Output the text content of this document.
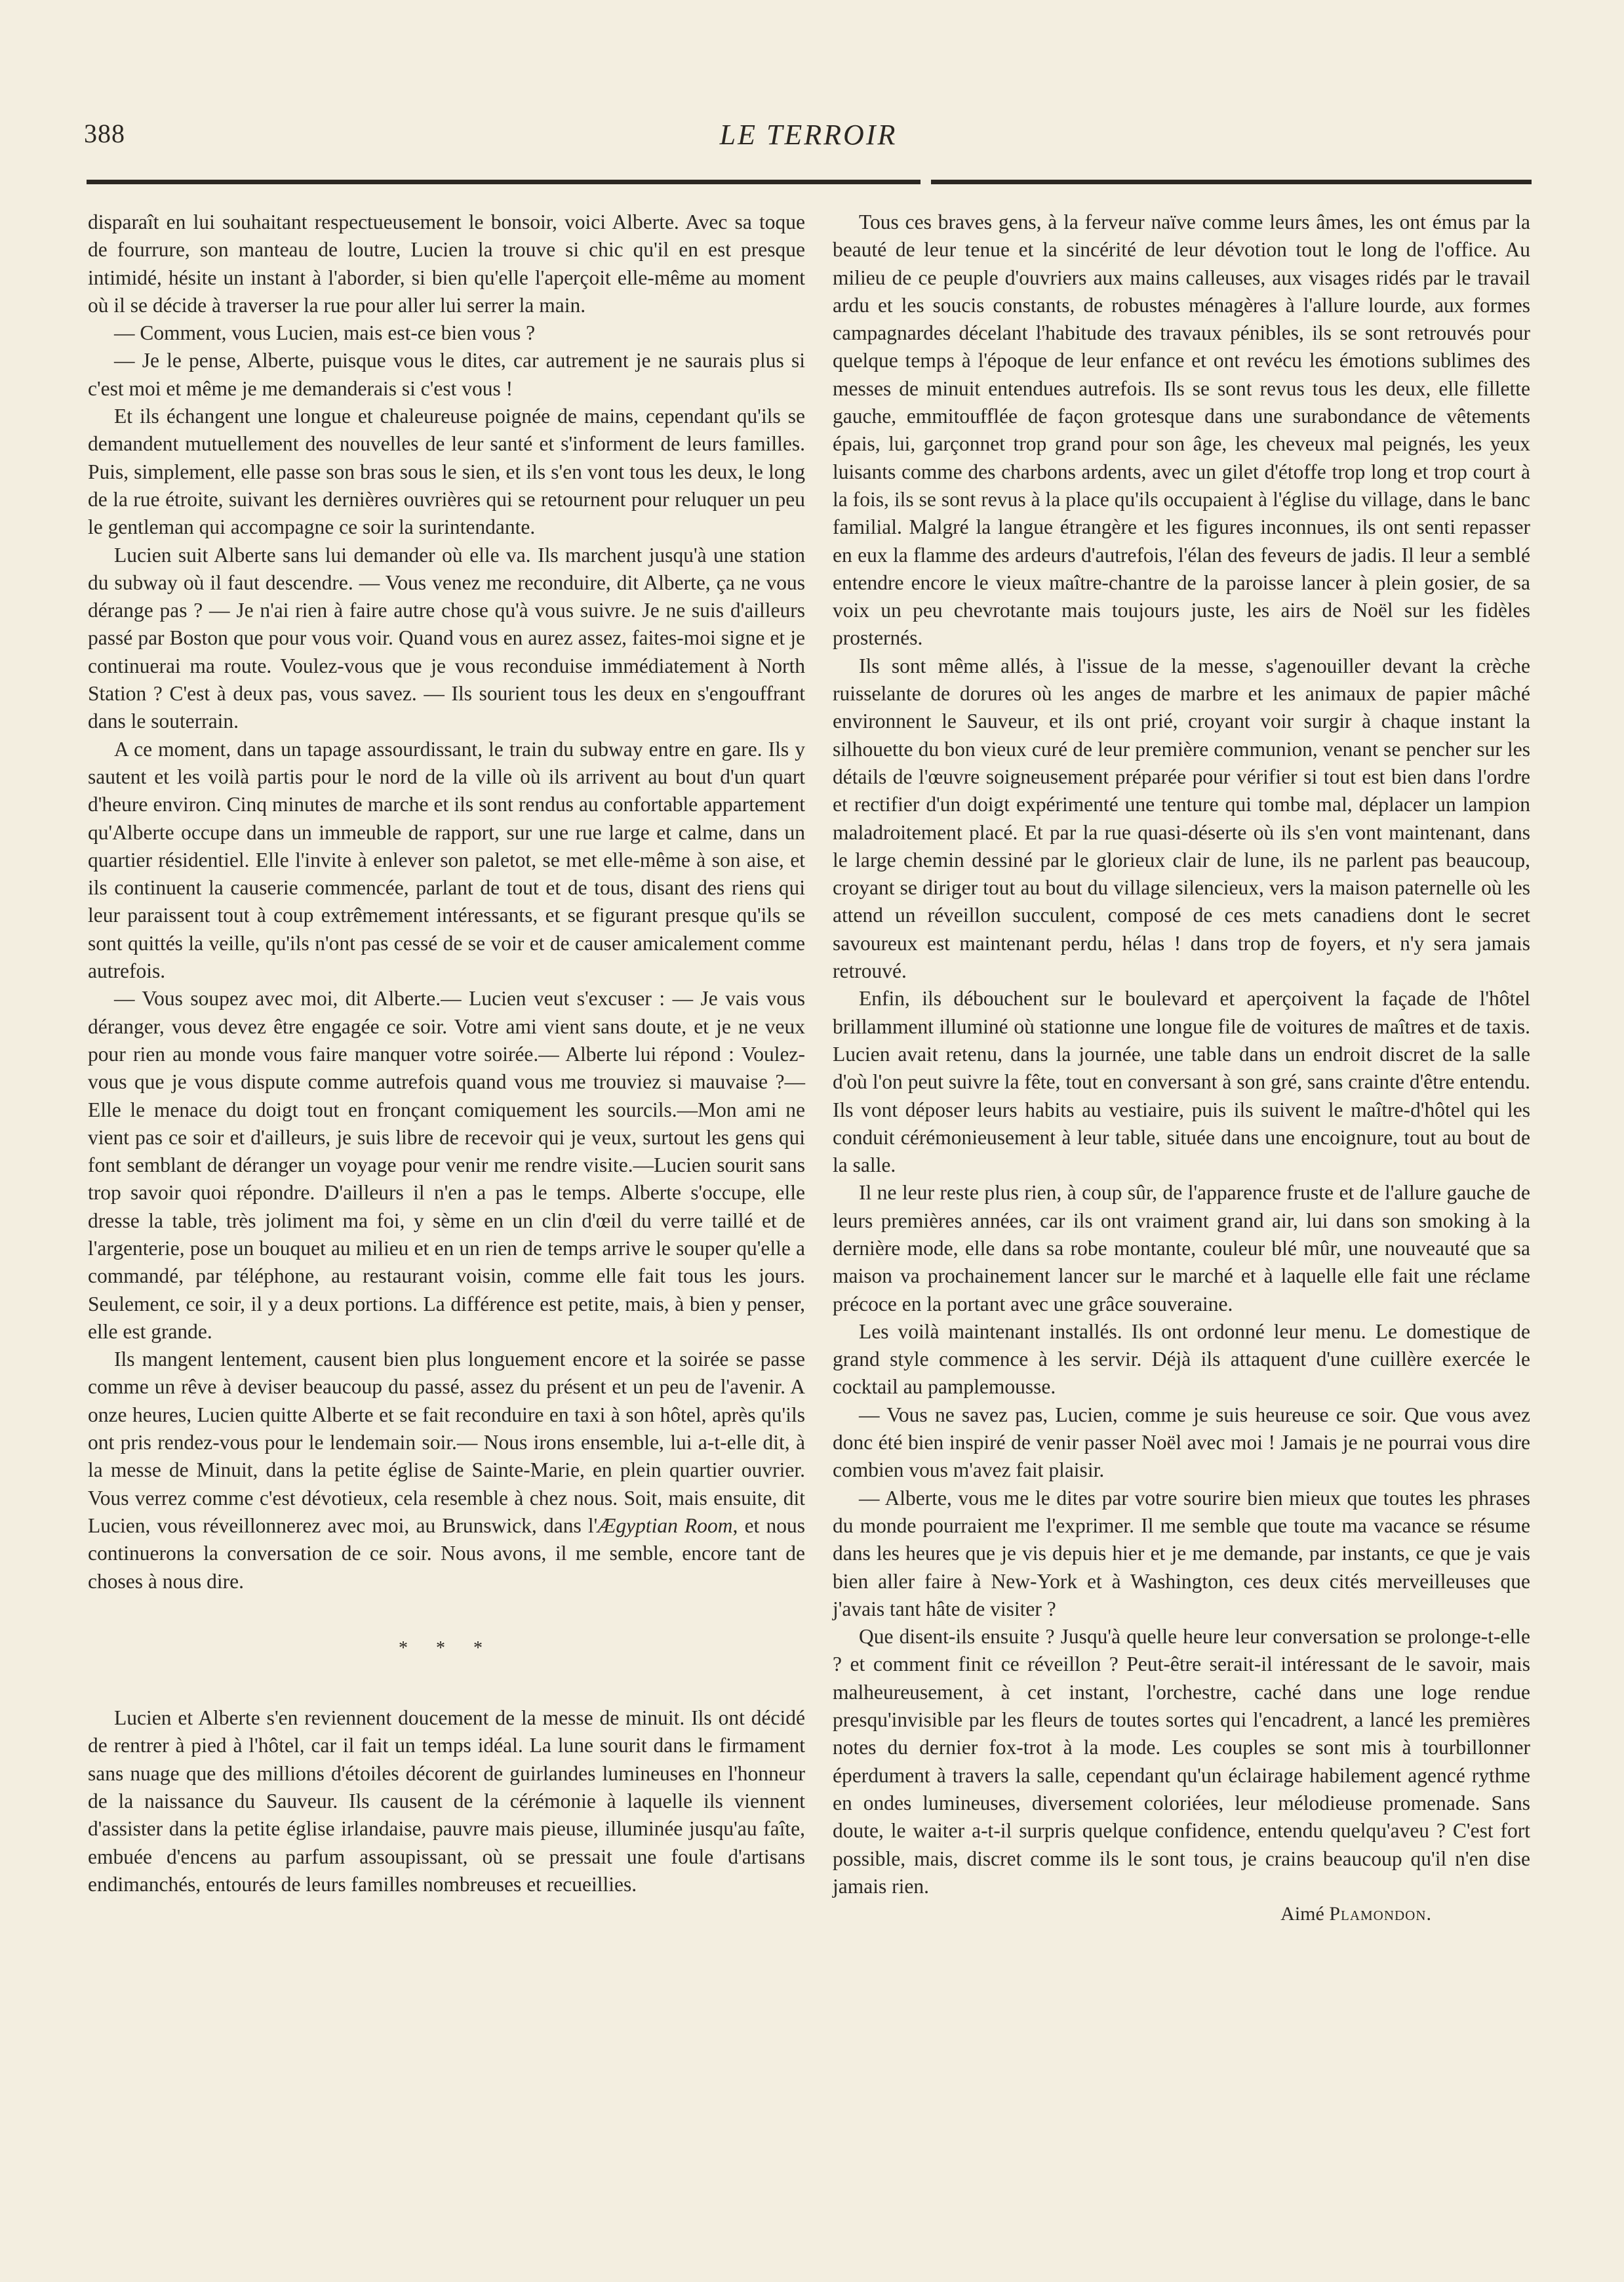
388	LE TERROIR

disparaît en lui souhaitant respectueusement le bonsoir, voici Alberte. Avec sa toque de fourrure, son manteau de loutre, Lucien la trouve si chic qu'il en est presque intimidé, hésite un instant à l'aborder, si bien qu'elle l'aperçoit elle-même au moment où il se décide à traverser la rue pour aller lui serrer la main.

— Comment, vous Lucien, mais est-ce bien vous ?

— Je le pense, Alberte, puisque vous le dites, car autrement je ne saurais plus si c'est moi et même je me demanderais si c'est vous !

Et ils échangent une longue et chaleureuse poignée de mains, cependant qu'ils se demandent mutuellement des nouvelles de leur santé et s'informent de leurs familles. Puis, simplement, elle passe son bras sous le sien, et ils s'en vont tous les deux, le long de la rue étroite, suivant les dernières ouvrières qui se retournent pour reluquer un peu le gentleman qui accompagne ce soir la surintendante.

Lucien suit Alberte sans lui demander où elle va. Ils marchent jusqu'à une station du subway où il faut descendre. — Vous venez me reconduire, dit Alberte, ça ne vous dérange pas ? — Je n'ai rien à faire autre chose qu'à vous suivre. Je ne suis d'ailleurs passé par Boston que pour vous voir. Quand vous en aurez assez, faites-moi signe et je continuerai ma route. Voulez-vous que je vous reconduise immédiatement à North Station ? C'est à deux pas, vous savez. — Ils sourient tous les deux en s'engouffrant dans le souterrain.

A ce moment, dans un tapage assourdissant, le train du subway entre en gare. Ils y sautent et les voilà partis pour le nord de la ville où ils arrivent au bout d'un quart d'heure environ. Cinq minutes de marche et ils sont rendus au confortable appartement qu'Alberte occupe dans un immeuble de rapport, sur une rue large et calme, dans un quartier résidentiel. Elle l'invite à enlever son paletot, se met elle-même à son aise, et ils continuent la causerie commencée, parlant de tout et de tous, disant des riens qui leur paraissent tout à coup extrêmement intéressants, et se figurant presque qu'ils se sont quittés la veille, qu'ils n'ont pas cessé de se voir et de causer amicalement comme autrefois.

— Vous soupez avec moi, dit Alberte.— Lucien veut s'excuser : — Je vais vous déranger, vous devez être engagée ce soir. Votre ami vient sans doute, et je ne veux pour rien au monde vous faire manquer votre soirée.— Alberte lui répond : Voulez-vous que je vous dispute comme autrefois quand vous me trouviez si mauvaise ?— Elle le menace du doigt tout en fronçant comiquement les sourcils.—Mon ami ne vient pas ce soir et d'ailleurs, je suis libre de recevoir qui je veux, surtout les gens qui font semblant de déranger un voyage pour venir me rendre visite.—Lucien sourit sans trop savoir quoi répondre. D'ailleurs il n'en a pas le temps. Alberte s'occupe, elle dresse la table, très joliment ma foi, y sème en un clin d'œil du verre taillé et de l'argenterie, pose un bouquet au milieu et en un rien de temps arrive le souper qu'elle a commandé, par téléphone, au restaurant voisin, comme elle fait tous les jours. Seulement, ce soir, il y a deux portions. La différence est petite, mais, à bien y penser, elle est grande.

Ils mangent lentement, causent bien plus longuement encore et la soirée se passe comme un rêve à deviser beaucoup du passé, assez du présent et un peu de l'avenir. A onze heures, Lucien quitte Alberte et se fait reconduire en taxi à son hôtel, après qu'ils ont pris rendez-vous pour le lendemain soir.— Nous irons ensemble, lui a-t-elle dit, à la messe de Minuit, dans la petite église de Sainte-Marie, en plein quartier ouvrier. Vous verrez comme c'est dévotieux, cela resemble à chez nous. Soit, mais ensuite, dit Lucien, vous réveillonnerez avec moi, au Brunswick, dans l'Ægyptian Room, et nous continuerons la conversation de ce soir. Nous avons, il me semble, encore tant de choses à nous dire.

* * *

Lucien et Alberte s'en reviennent doucement de la messe de minuit. Ils ont décidé de rentrer à pied à l'hôtel, car il fait un temps idéal. La lune sourit dans le firmament sans nuage que des millions d'étoiles décorent de guirlandes lumineuses en l'honneur de la naissance du Sauveur. Ils causent de la cérémonie à laquelle ils viennent d'assister dans la petite église irlandaise, pauvre mais pieuse, illuminée jusqu'au faîte, embuée d'encens au parfum assoupissant, où se pressait une foule d'artisans endimanchés, entourés de leurs familles nombreuses et recueillies.

Tous ces braves gens, à la ferveur naïve comme leurs âmes, les ont émus par la beauté de leur tenue et la sincérité de leur dévotion tout le long de l'office. Au milieu de ce peuple d'ouvriers aux mains calleuses, aux visages ridés par le travail ardu et les soucis constants, de robustes ménagères à l'allure lourde, aux formes campagnardes décelant l'habitude des travaux pénibles, ils se sont retrouvés pour quelque temps à l'époque de leur enfance et ont revécu les émotions sublimes des messes de minuit entendues autrefois. Ils se sont revus tous les deux, elle fillette gauche, emmitoufflée de façon grotesque dans une surabondance de vêtements épais, lui, garçonnet trop grand pour son âge, les cheveux mal peignés, les yeux luisants comme des charbons ardents, avec un gilet d'étoffe trop long et trop court à la fois, ils se sont revus à la place qu'ils occupaient à l'église du village, dans le banc familial. Malgré la langue étrangère et les figures inconnues, ils ont senti repasser en eux la flamme des ardeurs d'autrefois, l'élan des feveurs de jadis. Il leur a semblé entendre encore le vieux maître-chantre de la paroisse lancer à plein gosier, de sa voix un peu chevrotante mais toujours juste, les airs de Noël sur les fidèles prosternés.

Ils sont même allés, à l'issue de la messe, s'agenouiller devant la crèche ruisselante de dorures où les anges de marbre et les animaux de papier mâché environnent le Sauveur, et ils ont prié, croyant voir surgir à chaque instant la silhouette du bon vieux curé de leur première communion, venant se pencher sur les détails de l'œuvre soigneusement préparée pour vérifier si tout est bien dans l'ordre et rectifier d'un doigt expérimenté une tenture qui tombe mal, déplacer un lampion maladroitement placé. Et par la rue quasi-déserte où ils s'en vont maintenant, dans le large chemin dessiné par le glorieux clair de lune, ils ne parlent pas beaucoup, croyant se diriger tout au bout du village silencieux, vers la maison paternelle où les attend un réveillon succulent, composé de ces mets canadiens dont le secret savoureux est maintenant perdu, hélas ! dans trop de foyers, et n'y sera jamais retrouvé.

Enfin, ils débouchent sur le boulevard et aperçoivent la façade de l'hôtel brillamment illuminé où stationne une longue file de voitures de maîtres et de taxis. Lucien avait retenu, dans la journée, une table dans un endroit discret de la salle d'où l'on peut suivre la fête, tout en conversant à son gré, sans crainte d'être entendu. Ils vont déposer leurs habits au vestiaire, puis ils suivent le maître-d'hôtel qui les conduit cérémonieusement à leur table, située dans une encoignure, tout au bout de la salle.

Il ne leur reste plus rien, à coup sûr, de l'apparence fruste et de l'allure gauche de leurs premières années, car ils ont vraiment grand air, lui dans son smoking à la dernière mode, elle dans sa robe montante, couleur blé mûr, une nouveauté que sa maison va prochainement lancer sur le marché et à laquelle elle fait une réclame précoce en la portant avec une grâce souveraine.

Les voilà maintenant installés. Ils ont ordonné leur menu. Le domestique de grand style commence à les servir. Déjà ils attaquent d'une cuillère exercée le cocktail au pamplemousse.

— Vous ne savez pas, Lucien, comme je suis heureuse ce soir. Que vous avez donc été bien inspiré de venir passer Noël avec moi ! Jamais je ne pourrai vous dire combien vous m'avez fait plaisir.

— Alberte, vous me le dites par votre sourire bien mieux que toutes les phrases du monde pourraient me l'exprimer. Il me semble que toute ma vacance se résume dans les heures que je vis depuis hier et je me demande, par instants, ce que je vais bien aller faire à New-York et à Washington, ces deux cités merveilleuses que j'avais tant hâte de visiter ?

Que disent-ils ensuite ? Jusqu'à quelle heure leur conversation se prolonge-t-elle ? et comment finit ce réveillon ? Peut-être serait-il intéressant de le savoir, mais malheureusement, à cet instant, l'orchestre, caché dans une loge rendue presqu'invisible par les fleurs de toutes sortes qui l'encadrent, a lancé les premières notes du dernier fox-trot à la mode. Les couples se sont mis à tourbillonner éperdument à travers la salle, cependant qu'un éclairage habilement agencé rythme en ondes lumineuses, diversement coloriées, leur mélodieuse promenade. Sans doute, le waiter a-t-il surpris quelque confidence, entendu quelqu'aveu ? C'est fort possible, mais, discret comme ils le sont tous, je crains beaucoup qu'il n'en dise jamais rien.

Aimé Plamondon.
